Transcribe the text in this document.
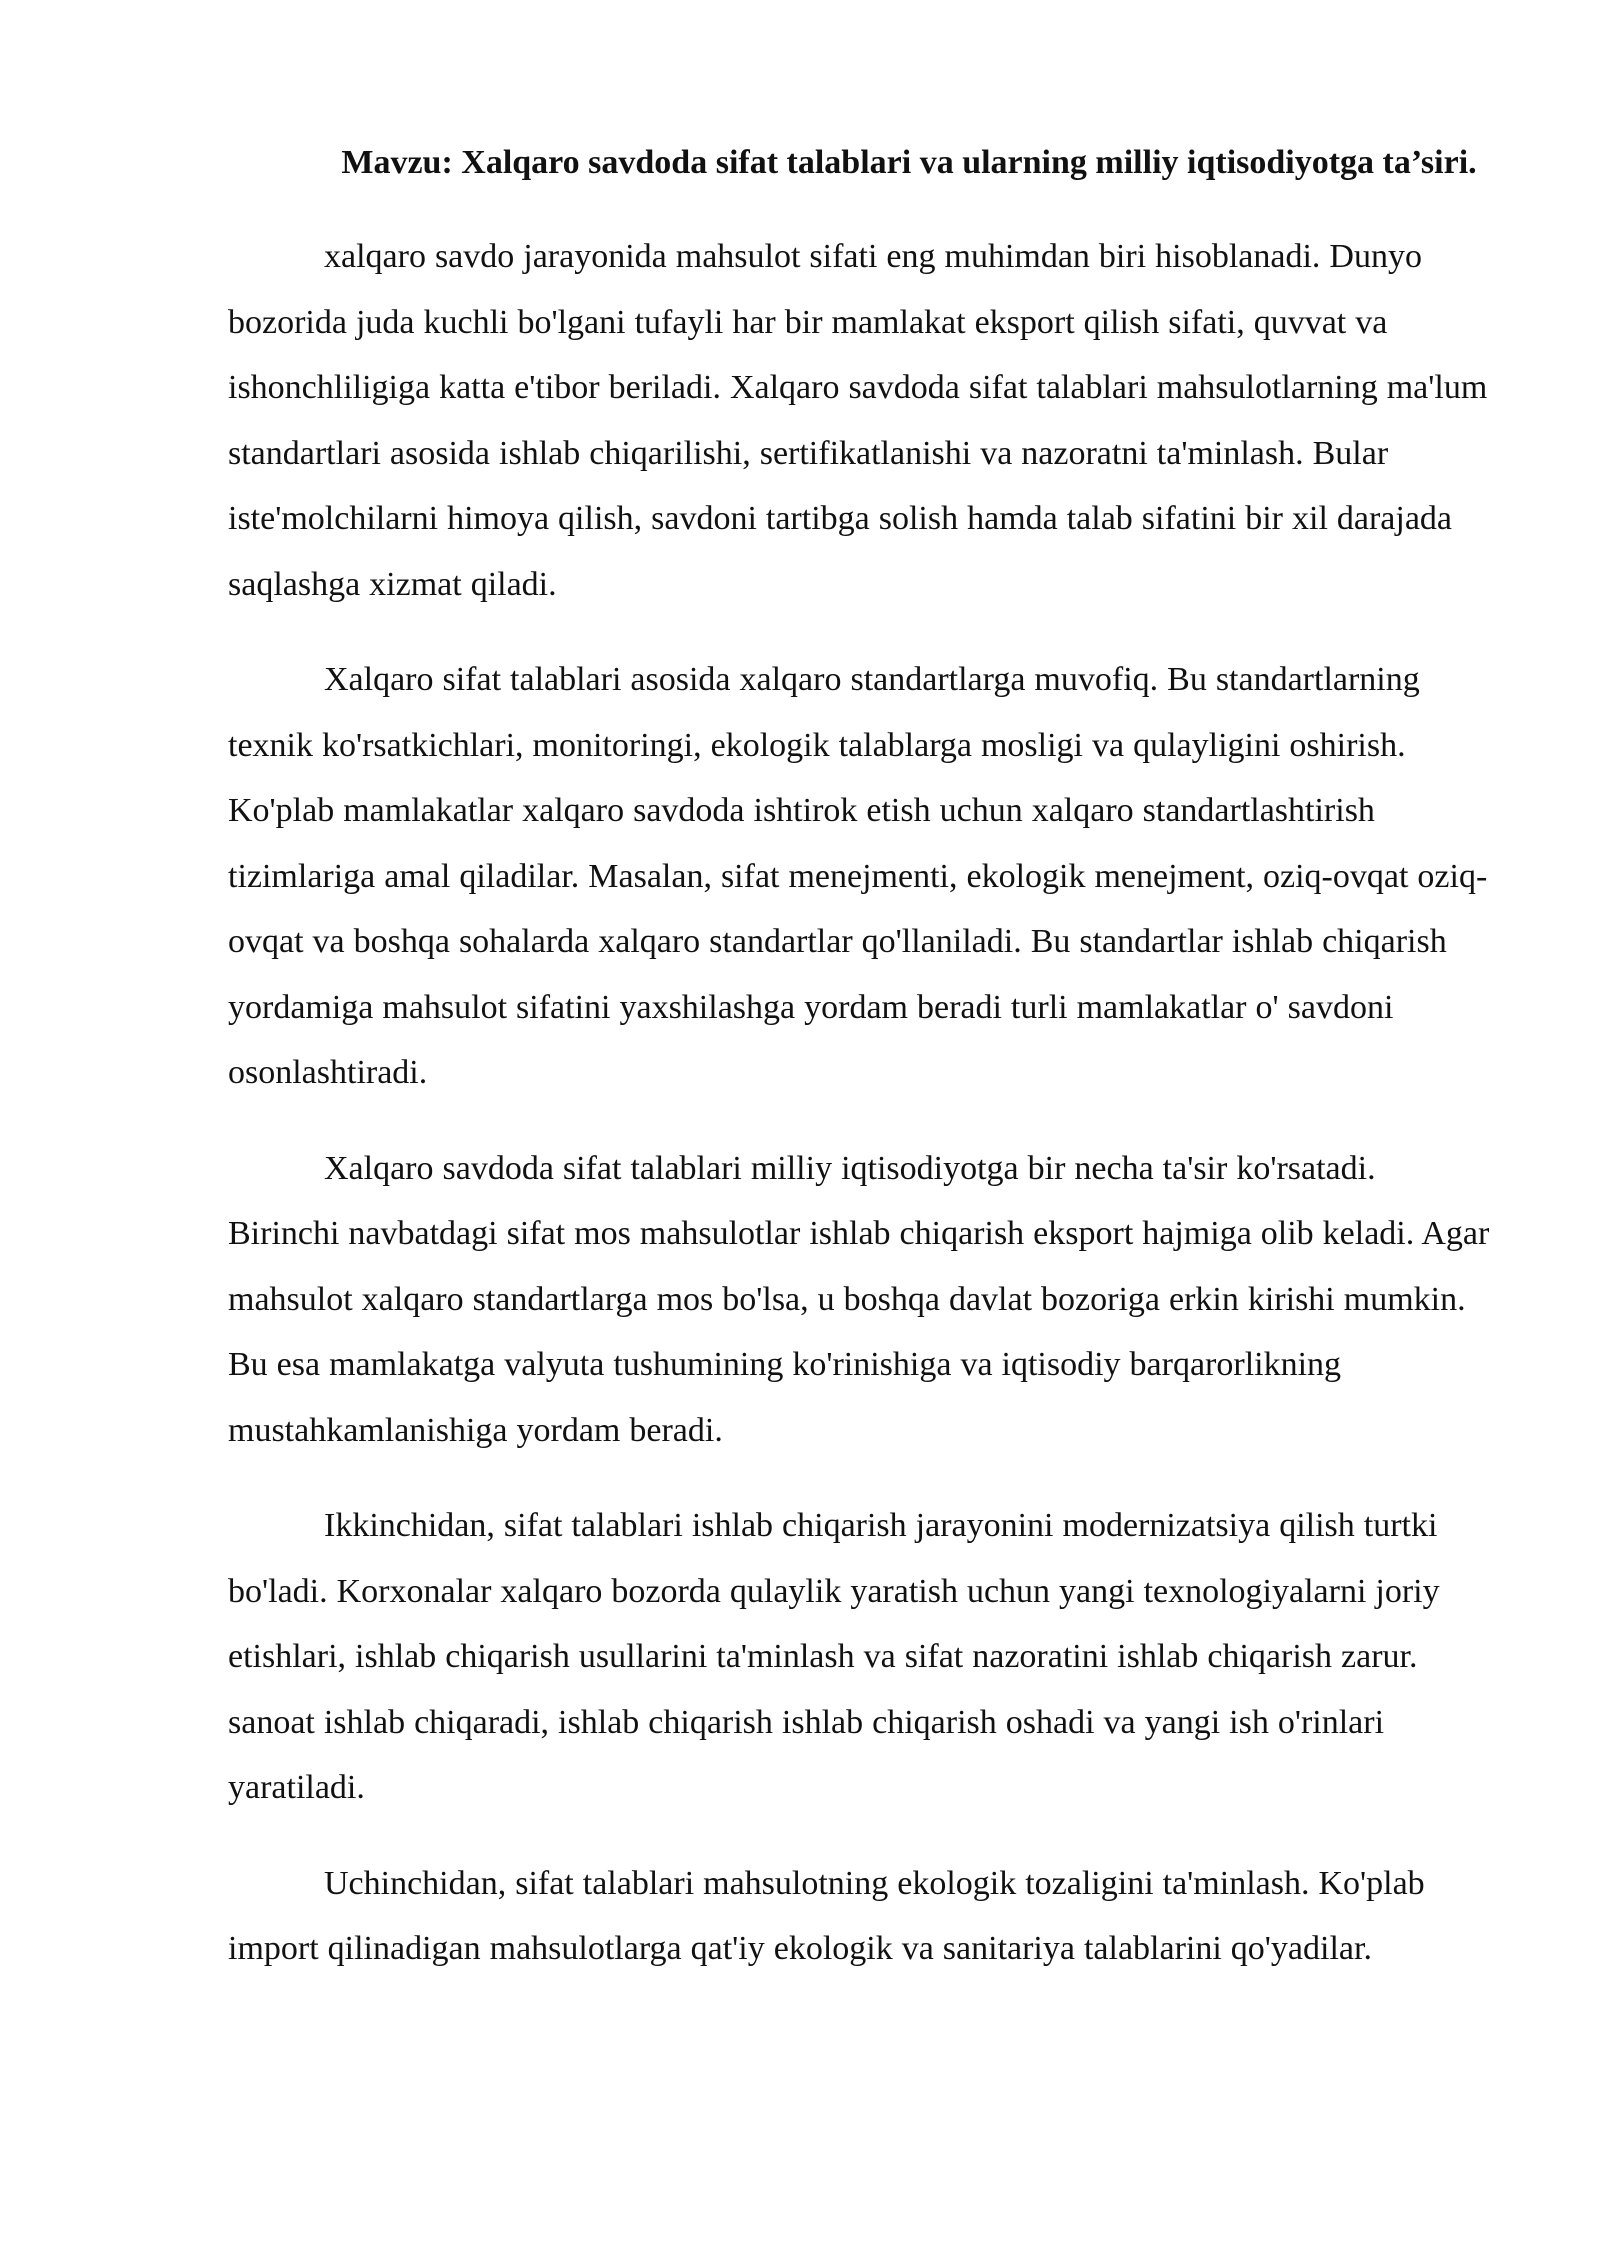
Mavzu: Xalqaro savdoda sifat talablari va ularning milliy iqtisodiyotga ta’siri.

xalqaro savdo jarayonida mahsulot sifati eng muhimdan biri hisoblanadi. Dunyo bozorida juda kuchli bo'lgani tufayli har bir mamlakat eksport qilish sifati, quvvat va ishonchliligiga katta e'tibor beriladi. Xalqaro savdoda sifat talablari mahsulotlarning ma'lum standartlari asosida ishlab chiqarilishi, sertifikatlanishi va nazoratni ta'minlash. Bular iste'molchilarni himoya qilish, savdoni tartibga solish hamda talab sifatini bir xil darajada saqlashga xizmat qiladi.

Xalqaro sifat talablari asosida xalqaro standartlarga muvofiq. Bu standartlarning texnik ko'rsatkichlari, monitoringi, ekologik talablarga mosligi va qulayligini oshirish. Ko'plab mamlakatlar xalqaro savdoda ishtirok etish uchun xalqaro standartlashtirish tizimlariga amal qiladilar. Masalan, sifat menejmenti, ekologik menejment, oziq-ovqat oziq-ovqat va boshqa sohalarda xalqaro standartlar qo'llaniladi. Bu standartlar ishlab chiqarish yordamiga mahsulot sifatini yaxshilashga yordam beradi turli mamlakatlar o' savdoni osonlashtiradi.

Xalqaro savdoda sifat talablari milliy iqtisodiyotga bir necha ta'sir ko'rsatadi. Birinchi navbatdagi sifat mos mahsulotlar ishlab chiqarish eksport hajmiga olib keladi. Agar mahsulot xalqaro standartlarga mos bo'lsa, u boshqa davlat bozoriga erkin kirishi mumkin. Bu esa mamlakatga valyuta tushumining ko'rinishiga va iqtisodiy barqarorlikning mustahkamlanishiga yordam beradi.

Ikkinchidan, sifat talablari ishlab chiqarish jarayonini modernizatsiya qilish turtki bo'ladi. Korxonalar xalqaro bozorda qulaylik yaratish uchun yangi texnologiyalarni joriy etishlari, ishlab chiqarish usullarini ta'minlash va sifat nazoratini ishlab chiqarish zarur. sanoat ishlab chiqaradi, ishlab chiqarish ishlab chiqarish oshadi va yangi ish o'rinlari yaratiladi.

Uchinchidan, sifat talablari mahsulotning ekologik tozaligini ta'minlash. Ko'plab import qilinadigan mahsulotlarga qat'iy ekologik va sanitariya talablarini qo'yadilar.
